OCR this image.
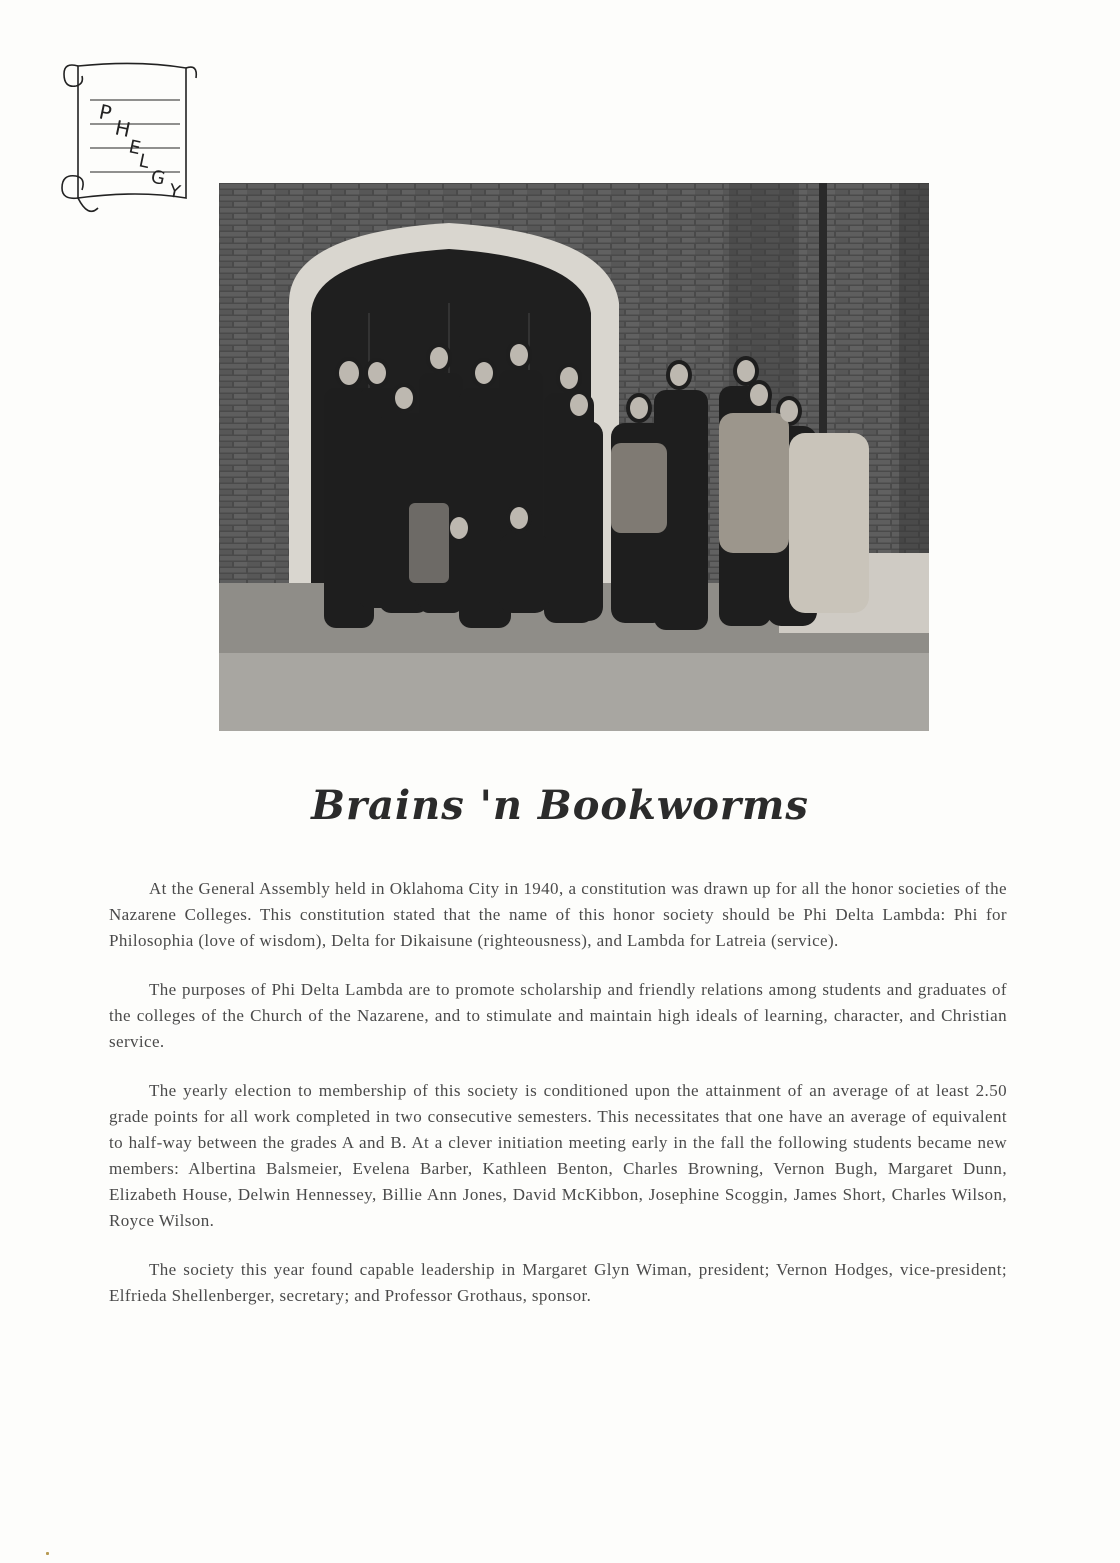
P
H
E
L
G
Y
Brains 'n Bookworms

At the General Assembly held in Oklahoma City in 1940, a constitution was drawn up for all the honor societies of the Nazarene Colleges. This constitution stated that the name of this honor society should be Phi Delta Lambda: Phi for Philosophia (love of wisdom), Delta for Dikaisune (righteousness), and Lambda for Latreia (service).

The purposes of Phi Delta Lambda are to promote scholarship and friendly relations among students and graduates of the colleges of the Church of the Nazarene, and to stimulate and maintain high ideals of learning, character, and Christian service.

The yearly election to membership of this society is conditioned upon the attainment of an average of at least 2.50 grade points for all work completed in two consecutive semesters. This necessitates that one have an average of equivalent to half-way between the grades A and B. At a clever initiation meeting early in the fall the following students became new members: Albertina Balsmeier, Evelena Barber, Kathleen Benton, Charles Browning, Vernon Bugh, Margaret Dunn, Elizabeth House, Delwin Hennessey, Billie Ann Jones, David McKibbon, Josephine Scoggin, James Short, Charles Wilson, Royce Wilson.

The society this year found capable leadership in Margaret Glyn Wiman, president; Vernon Hodges, vice-president; Elfrieda Shellenberger, secretary; and Professor Grothaus, sponsor.
